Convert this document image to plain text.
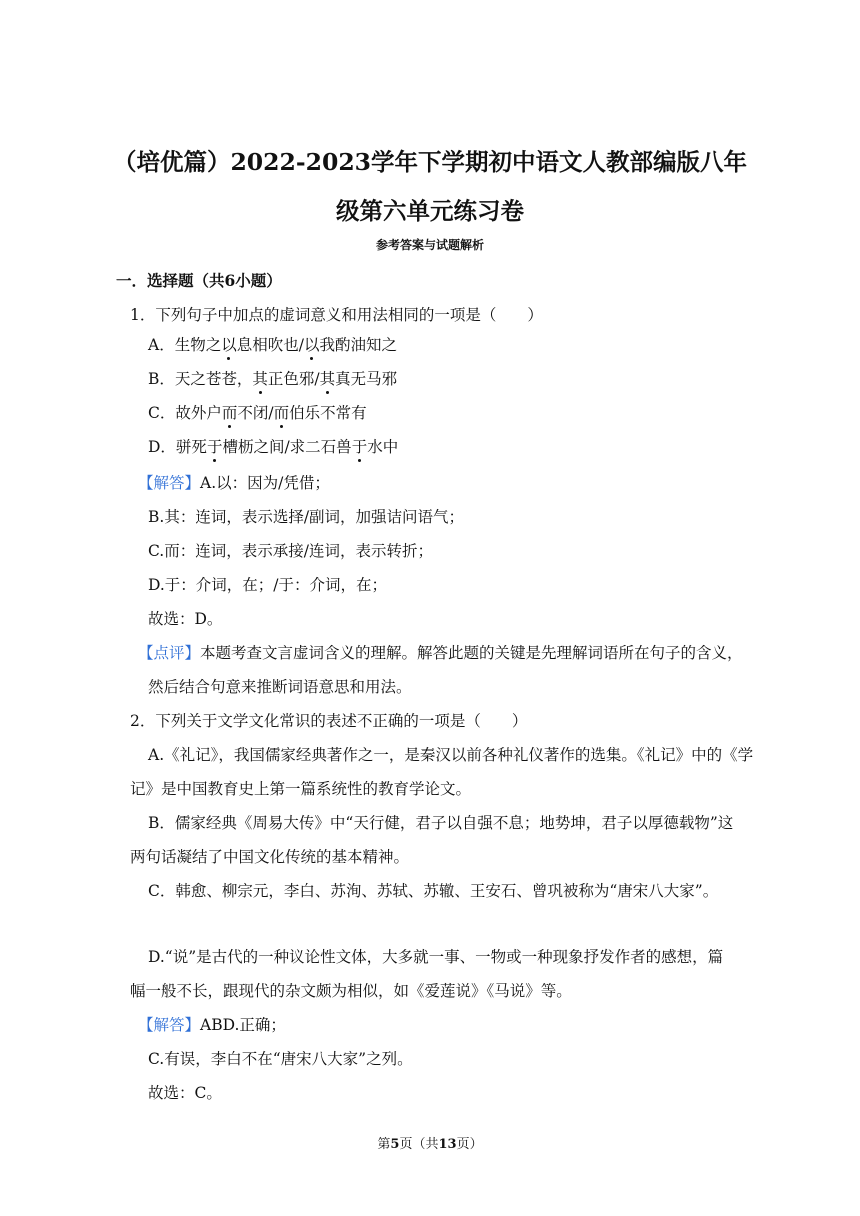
（培优篇）2022-2023学年下学期初中语文人教部编版八年级第六单元练习卷
参考答案与试题解析
一．选择题（共6小题）
1．下列句子中加点的虚词意义和用法相同的一项是（　　）
A．生物之以息相吹也/以我酌油知之
B．天之苍苍，其正色邪/其真无马邪
C．故外户而不闭/而伯乐不常有
D．骈死于槽枥之间/求二石兽于水中
【解答】A.以：因为/凭借；
B.其：连词，表示选择/副词，加强诘问语气；
C.而：连词，表示承接/连词，表示转折；
D.于：介词，在；/于：介词，在；
故选：D。
【点评】本题考查文言虚词含义的理解。解答此题的关键是先理解词语所在句子的含义，
然后结合句意来推断词语意思和用法。
2．下列关于文学文化常识的表述不正确的一项是（　　）
A.《礼记》，我国儒家经典著作之一，是秦汉以前各种礼仪著作的选集。《礼记》中的《学
记》是中国教育史上第一篇系统性的教育学论文。
B．儒家经典《周易大传》中“天行健，君子以自强不息；地势坤，君子以厚德载物”这
两句话凝结了中国文化传统的基本精神。
C．韩愈、柳宗元，李白、苏洵、苏轼、苏辙、王安石、曾巩被称为“唐宋八大家”。
D.“说”是古代的一种议论性文体，大多就一事、一物或一种现象抒发作者的感想，篇
幅一般不长，跟现代的杂文颇为相似，如《爱莲说》《马说》等。
【解答】ABD.正确；
C.有误，李白不在“唐宋八大家”之列。
故选：C。
第5页（共13页）
